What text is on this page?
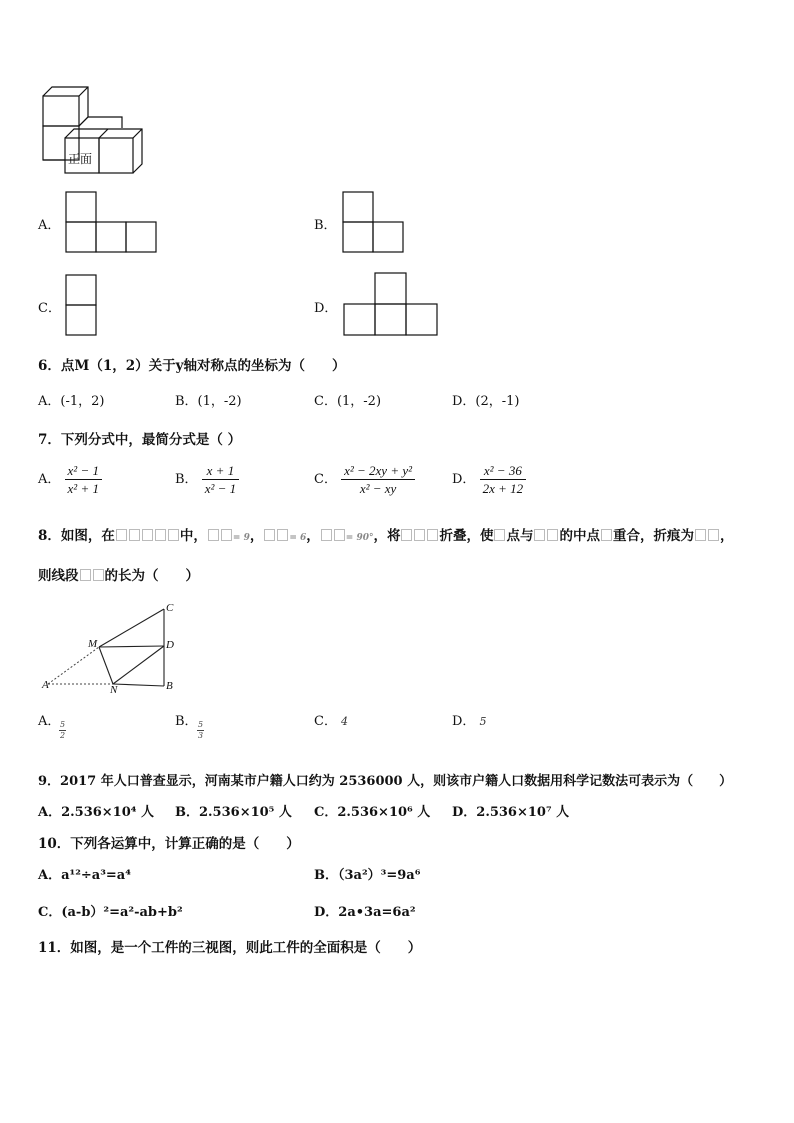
正面
A．	B．
C．	D．
6．点M（1，2）关于y轴对称点的坐标为（　　）
A．(-1，2)	B．(1，-2)	C．(1，-2)	D．(2，-1)
7．下列分式中，最简分式是（ ）
A． $\frac{\text{x² − 1}}{\text{x² + 1}}$	B． $\frac{x + 1}{\text{x² − 1}}$	C． $\frac{\text{x² − 2xy + y²}}{\text{x² − xy}}$	D． $\frac{\text{x² − 36}}{2x + 12}$
8．如图，在	中，	= 9，	= 6，	= 90°，将	折叠，使 点与 的中点 重合，折痕为 ，
则线段 的长为（　　）
C
M	D
A	N	B
A．
$\frac{5}{2}$	B． $\frac{5}{3}$	C． 4	D． 5
9．2017 年人口普查显示，河南某市户籍人口约为 2536000 人，则该市户籍人口数据用科学记数法可表示为（　　）
A．2.536×10⁴ 人 B．2.536×10⁵ 人 C．2.536×10⁶ 人 D．2.536×10⁷ 人
10．下列各运算中，计算正确的是（　　）
A．a¹²÷a³=a⁴	B．（3a²）³=9a⁶
C．(a-b）²=a²-ab+b²	D．2a•3a=6a²
11．如图，是一个工件的三视图，则此工件的全面积是（　　）
